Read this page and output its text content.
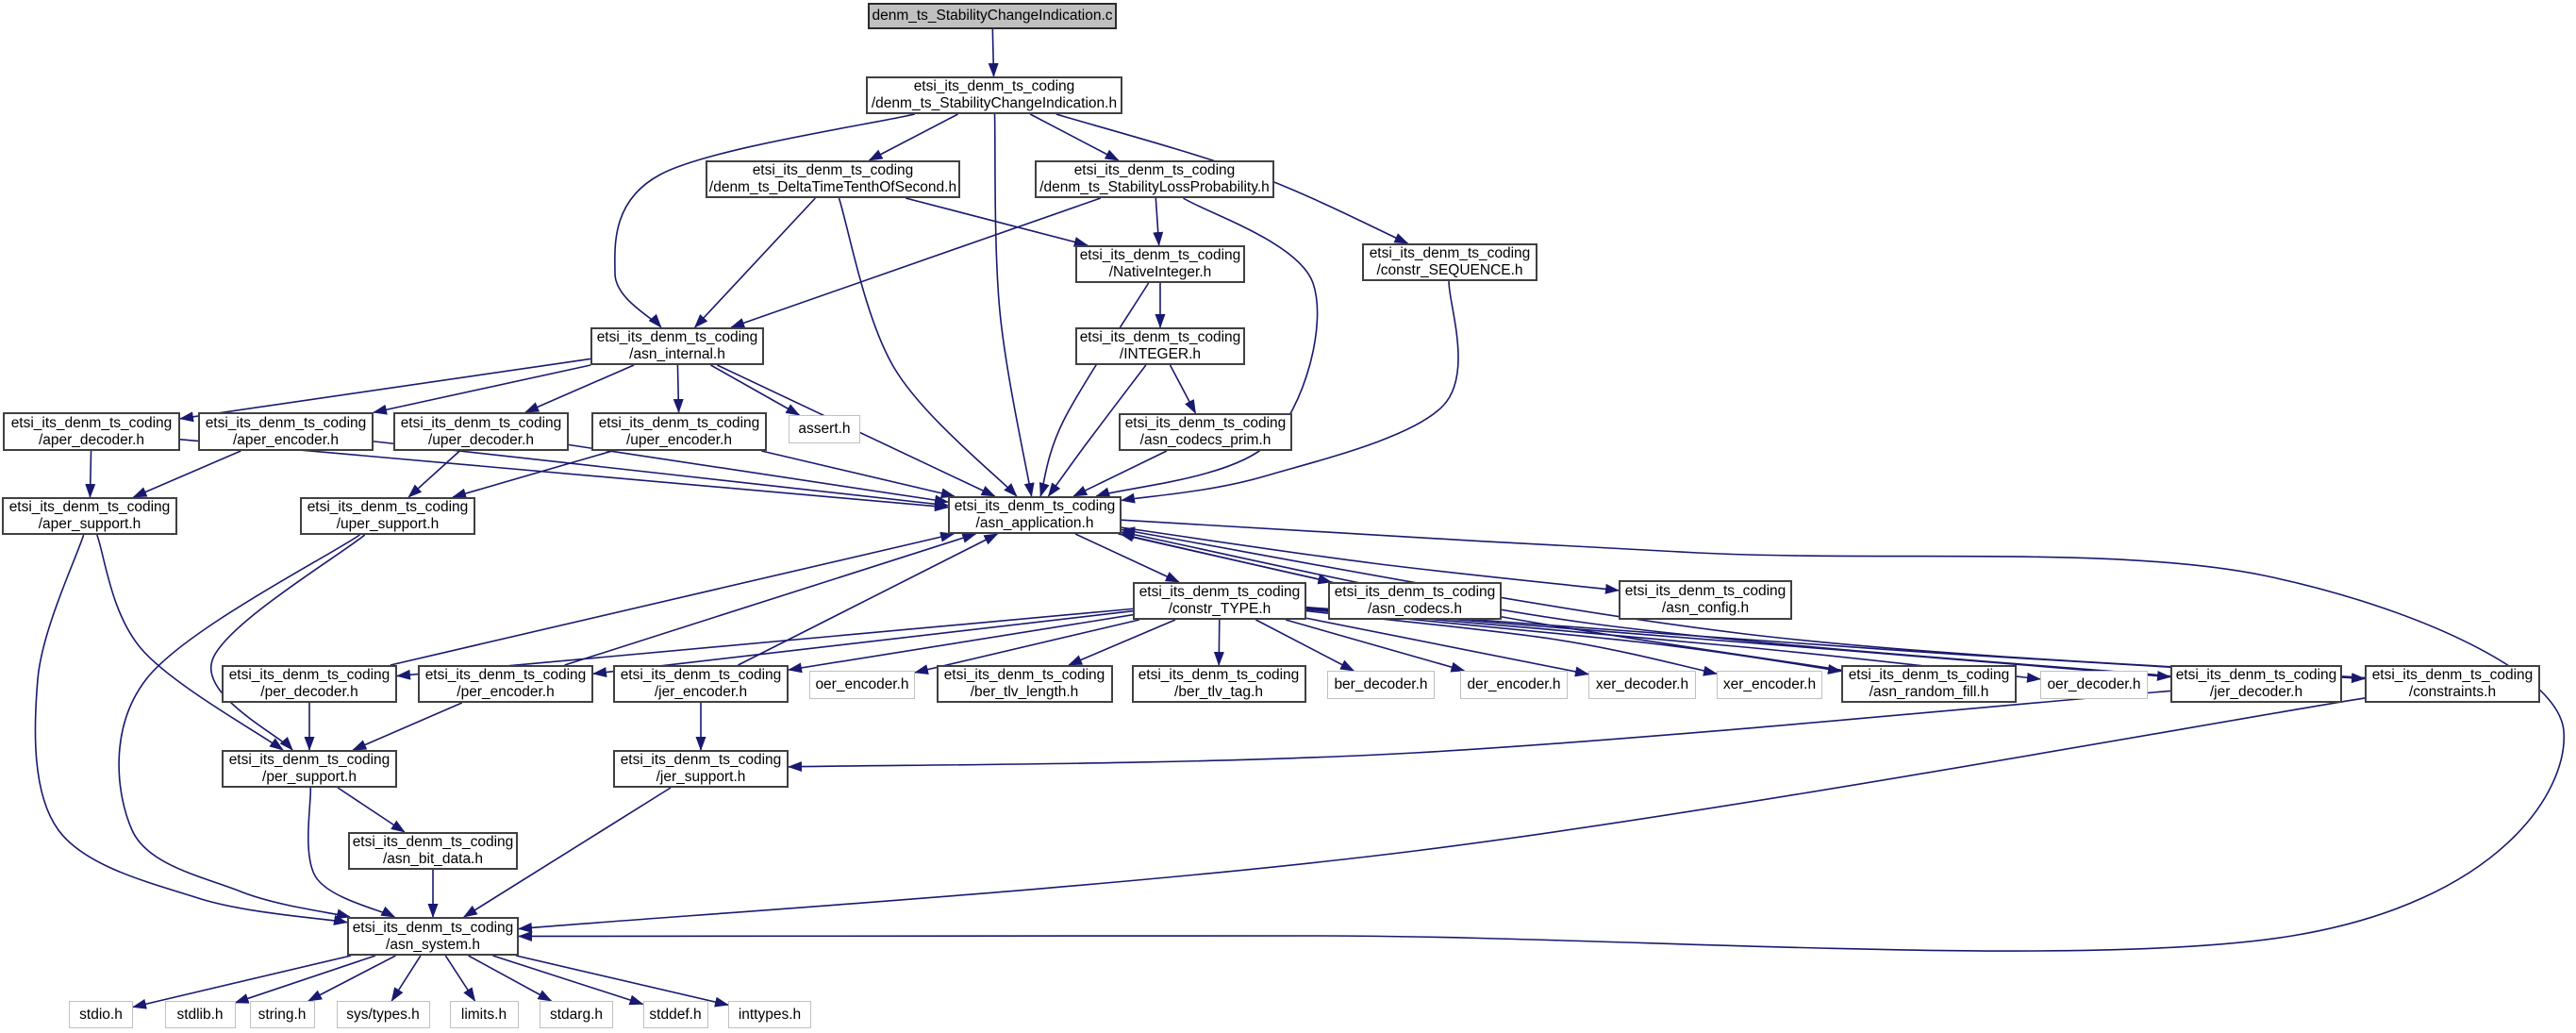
denm_ts_StabilityChangeIndication.c
etsi_its_denm_ts_coding
/denm_ts_StabilityChangeIndication.h
etsi_its_denm_ts_coding
/denm_ts_DeltaTimeTenthOfSecond.h
etsi_its_denm_ts_coding
/denm_ts_StabilityLossProbability.h
etsi_its_denm_ts_coding
/NativeInteger.h
etsi_its_denm_ts_coding
/constr_SEQUENCE.h
etsi_its_denm_ts_coding
/asn_internal.h
etsi_its_denm_ts_coding
/INTEGER.h
etsi_its_denm_ts_coding
/asn_codecs_prim.h
etsi_its_denm_ts_coding
/aper_decoder.h
etsi_its_denm_ts_coding
/aper_encoder.h
etsi_its_denm_ts_coding
/uper_decoder.h
etsi_its_denm_ts_coding
/uper_encoder.h
assert.h
etsi_its_denm_ts_coding
/aper_support.h
etsi_its_denm_ts_coding
/uper_support.h
etsi_its_denm_ts_coding
/asn_application.h
etsi_its_denm_ts_coding
/constr_TYPE.h
etsi_its_denm_ts_coding
/asn_codecs.h
etsi_its_denm_ts_coding
/asn_config.h
etsi_its_denm_ts_coding
/per_decoder.h
etsi_its_denm_ts_coding
/per_encoder.h
etsi_its_denm_ts_coding
/jer_encoder.h	oer_encoder.h
etsi_its_denm_ts_coding
/ber_tlv_length.h
etsi_its_denm_ts_coding
/ber_tlv_tag.h	ber_decoder.h	der_encoder.h xer_decoder.h xer_encoder.h
etsi_its_denm_ts_coding
/asn_random_fill.h	oer_decoder.h
etsi_its_denm_ts_coding
/jer_decoder.h
etsi_its_denm_ts_coding
/constraints.h
etsi_its_denm_ts_coding
/per_support.h
etsi_its_denm_ts_coding
/jer_support.h
etsi_its_denm_ts_coding
/asn_bit_data.h
etsi_its_denm_ts_coding
/asn_system.h
stdio.h	stdlib.h string.h	sys/types.h	limits.h	stdarg.h	stddef.h	inttypes.h
